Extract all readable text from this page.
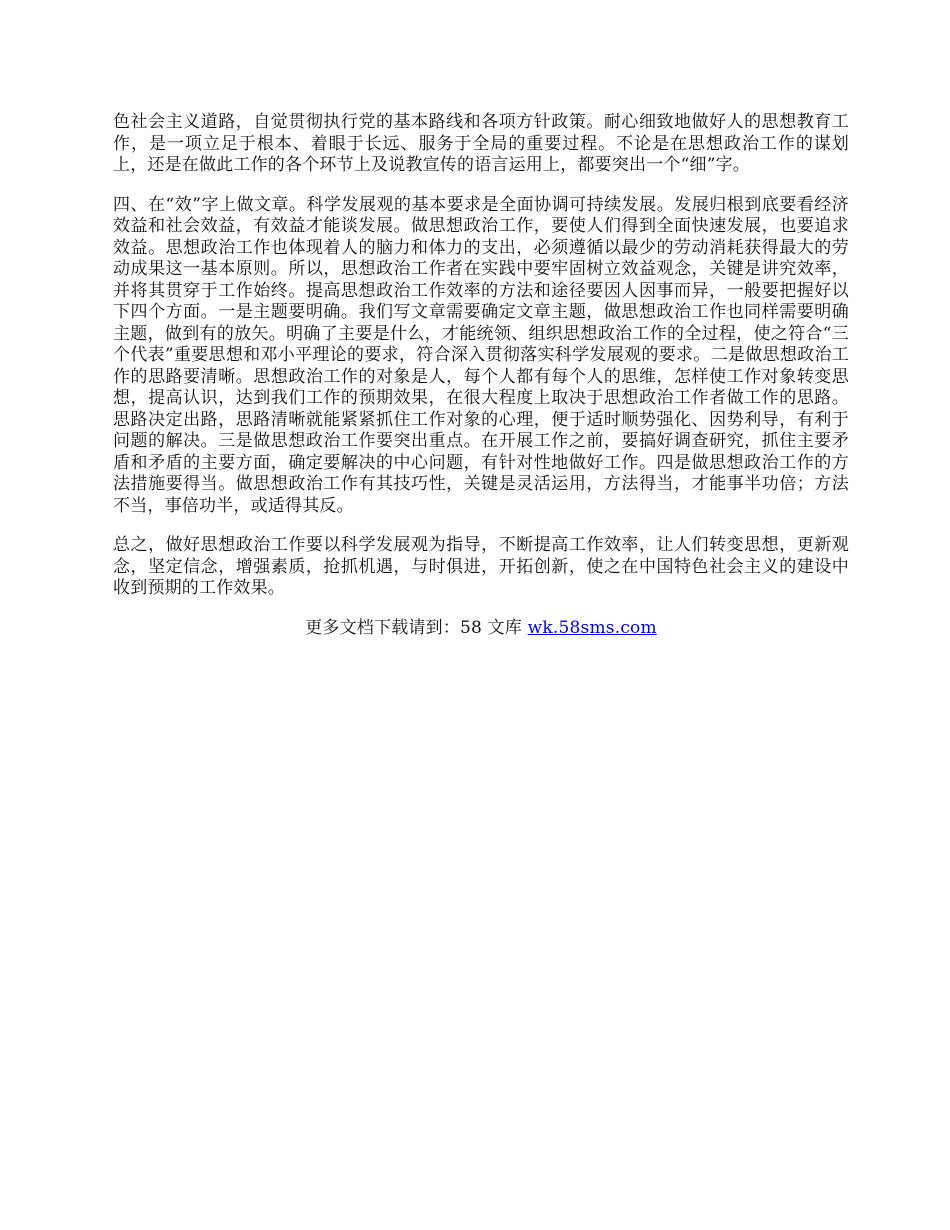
色社会主义道路，自觉贯彻执行党的基本路线和各项方针政策。耐心细致地做好人的思想教育工作，是一项立足于根本、着眼于长远、服务于全局的重要过程。不论是在思想政治工作的谋划上，还是在做此工作的各个环节上及说教宣传的语言运用上，都要突出一个“细”字。

四、在“效”字上做文章。科学发展观的基本要求是全面协调可持续发展。发展归根到底要看经济效益和社会效益，有效益才能谈发展。做思想政治工作，要使人们得到全面快速发展，也要追求效益。思想政治工作也体现着人的脑力和体力的支出，必须遵循以最少的劳动消耗获得最大的劳动成果这一基本原则。所以，思想政治工作者在实践中要牢固树立效益观念，关键是讲究效率，并将其贯穿于工作始终。提高思想政治工作效率的方法和途径要因人因事而异，一般要把握好以下四个方面。一是主题要明确。我们写文章需要确定文章主题，做思想政治工作也同样需要明确主题，做到有的放矢。明确了主要是什么，才能统领、组织思想政治工作的全过程，使之符合“三个代表”重要思想和邓小平理论的要求，符合深入贯彻落实科学发展观的要求。二是做思想政治工作的思路要清晰。思想政治工作的对象是人，每个人都有每个人的思维，怎样使工作对象转变思想，提高认识，达到我们工作的预期效果，在很大程度上取决于思想政治工作者做工作的思路。思路决定出路，思路清晰就能紧紧抓住工作对象的心理，便于适时顺势强化、因势利导，有利于问题的解决。三是做思想政治工作要突出重点。在开展工作之前，要搞好调查研究，抓住主要矛盾和矛盾的主要方面，确定要解决的中心问题，有针对性地做好工作。四是做思想政治工作的方法措施要得当。做思想政治工作有其技巧性，关键是灵活运用，方法得当，才能事半功倍；方法不当，事倍功半，或适得其反。

总之，做好思想政治工作要以科学发展观为指导，不断提高工作效率，让人们转变思想，更新观念，坚定信念，增强素质，抢抓机遇，与时俱进，开拓创新，使之在中国特色社会主义的建设中收到预期的工作效果。

更多文档下载请到：58 文库 wk.58sms.com
